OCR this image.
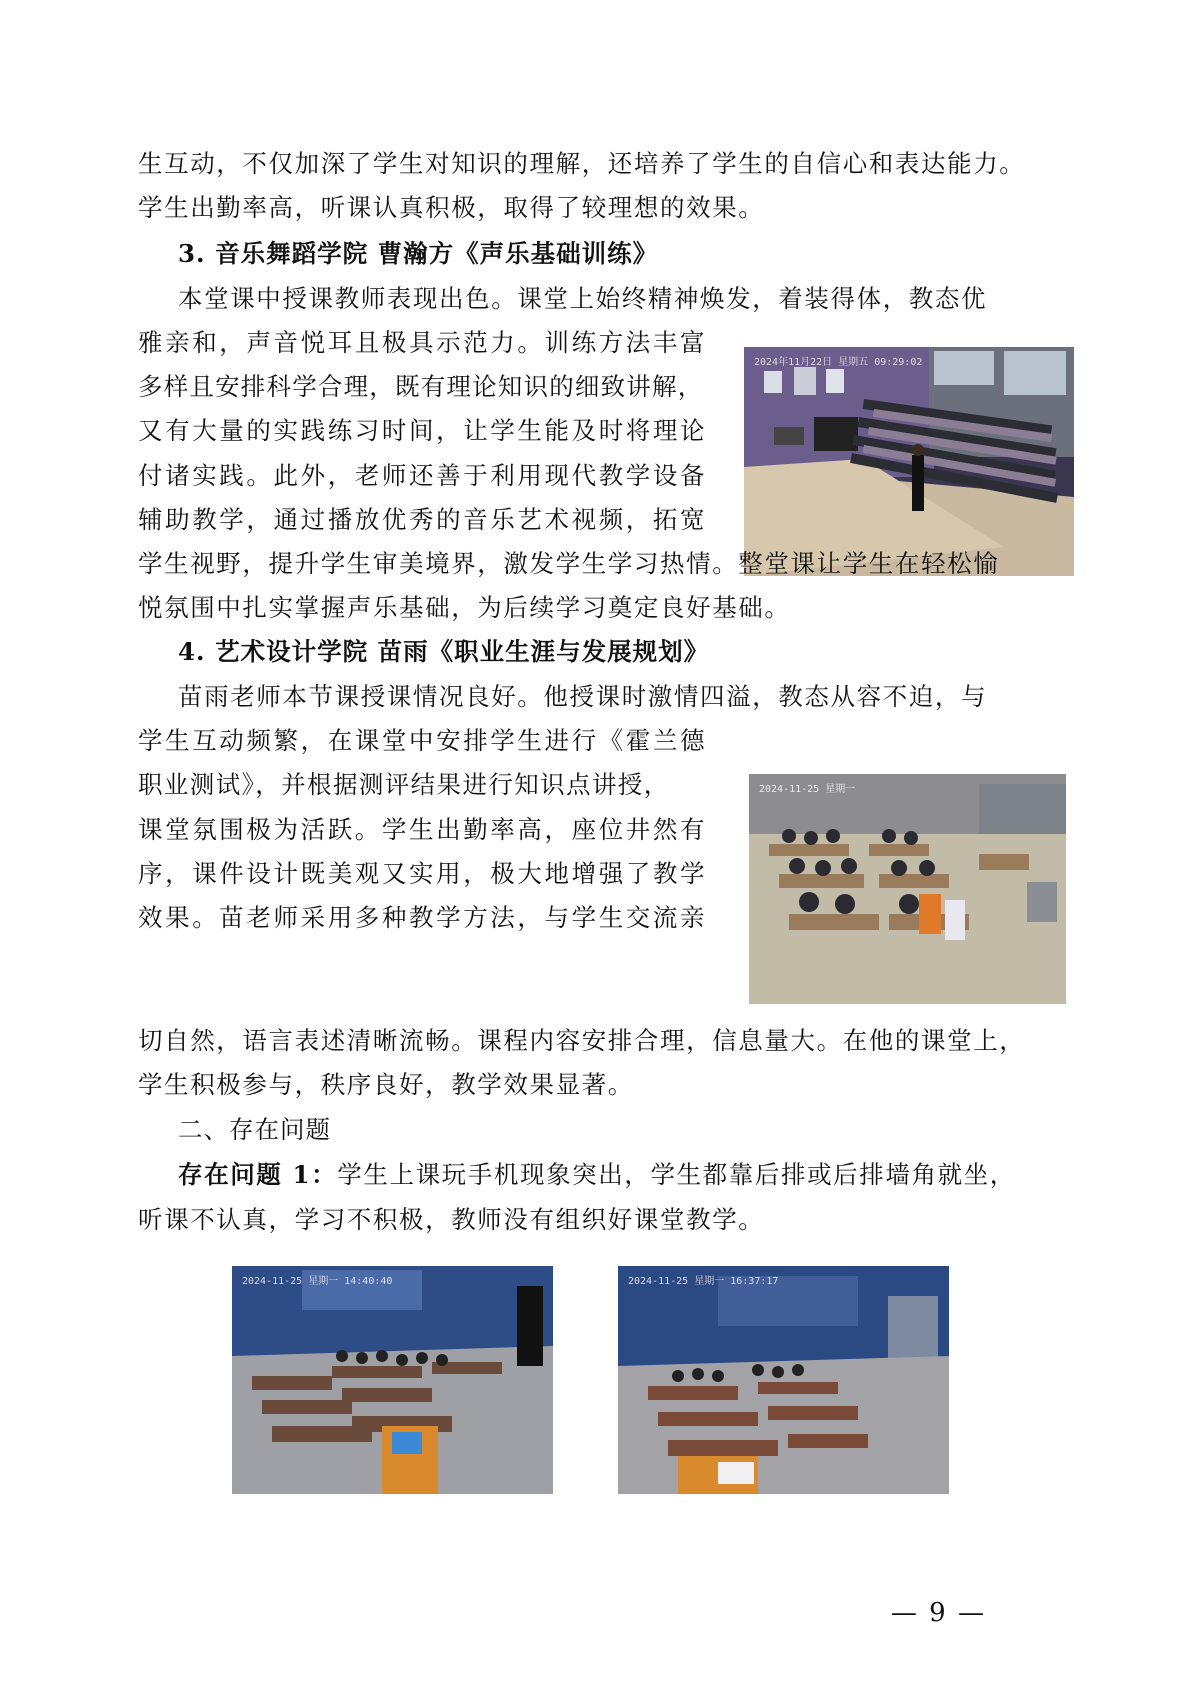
生互动，不仅加深了学生对知识的理解，还培养了学生的自信心和表达能力。
学生出勤率高，听课认真积极，取得了较理想的效果。
3. 音乐舞蹈学院 曹瀚方《声乐基础训练》
本堂课中授课教师表现出色。课堂上始终精神焕发，着装得体，教态优
雅亲和，声音悦耳且极具示范力。训练方法丰富
多样且安排科学合理，既有理论知识的细致讲解，
又有大量的实践练习时间，让学生能及时将理论
付诸实践。此外，老师还善于利用现代教学设备
辅助教学，通过播放优秀的音乐艺术视频，拓宽
2024年11月22日 星期五 09:29:02
学生视野，提升学生审美境界，激发学生学习热情。整堂课让学生在轻松愉
悦氛围中扎实掌握声乐基础，为后续学习奠定良好基础。
4. 艺术设计学院 苗雨《职业生涯与发展规划》
苗雨老师本节课授课情况良好。他授课时激情四溢，教态从容不迫，与
学生互动频繁，在课堂中安排学生进行《霍兰德
职业测试》，并根据测评结果进行知识点讲授，
课堂氛围极为活跃。学生出勤率高，座位井然有
序，课件设计既美观又实用，极大地增强了教学
效果。苗老师采用多种教学方法，与学生交流亲
2024-11-25 星期一
切自然，语言表述清晰流畅。课程内容安排合理，信息量大。在他的课堂上，
学生积极参与，秩序良好，教学效果显著。
二、存在问题
存在问题 1：学生上课玩手机现象突出，学生都靠后排或后排墙角就坐，
听课不认真，学习不积极，教师没有组织好课堂教学。
2024-11-25 星期一 14:40:40	2024-11-25 星期一 16:37:17
— 9 —
